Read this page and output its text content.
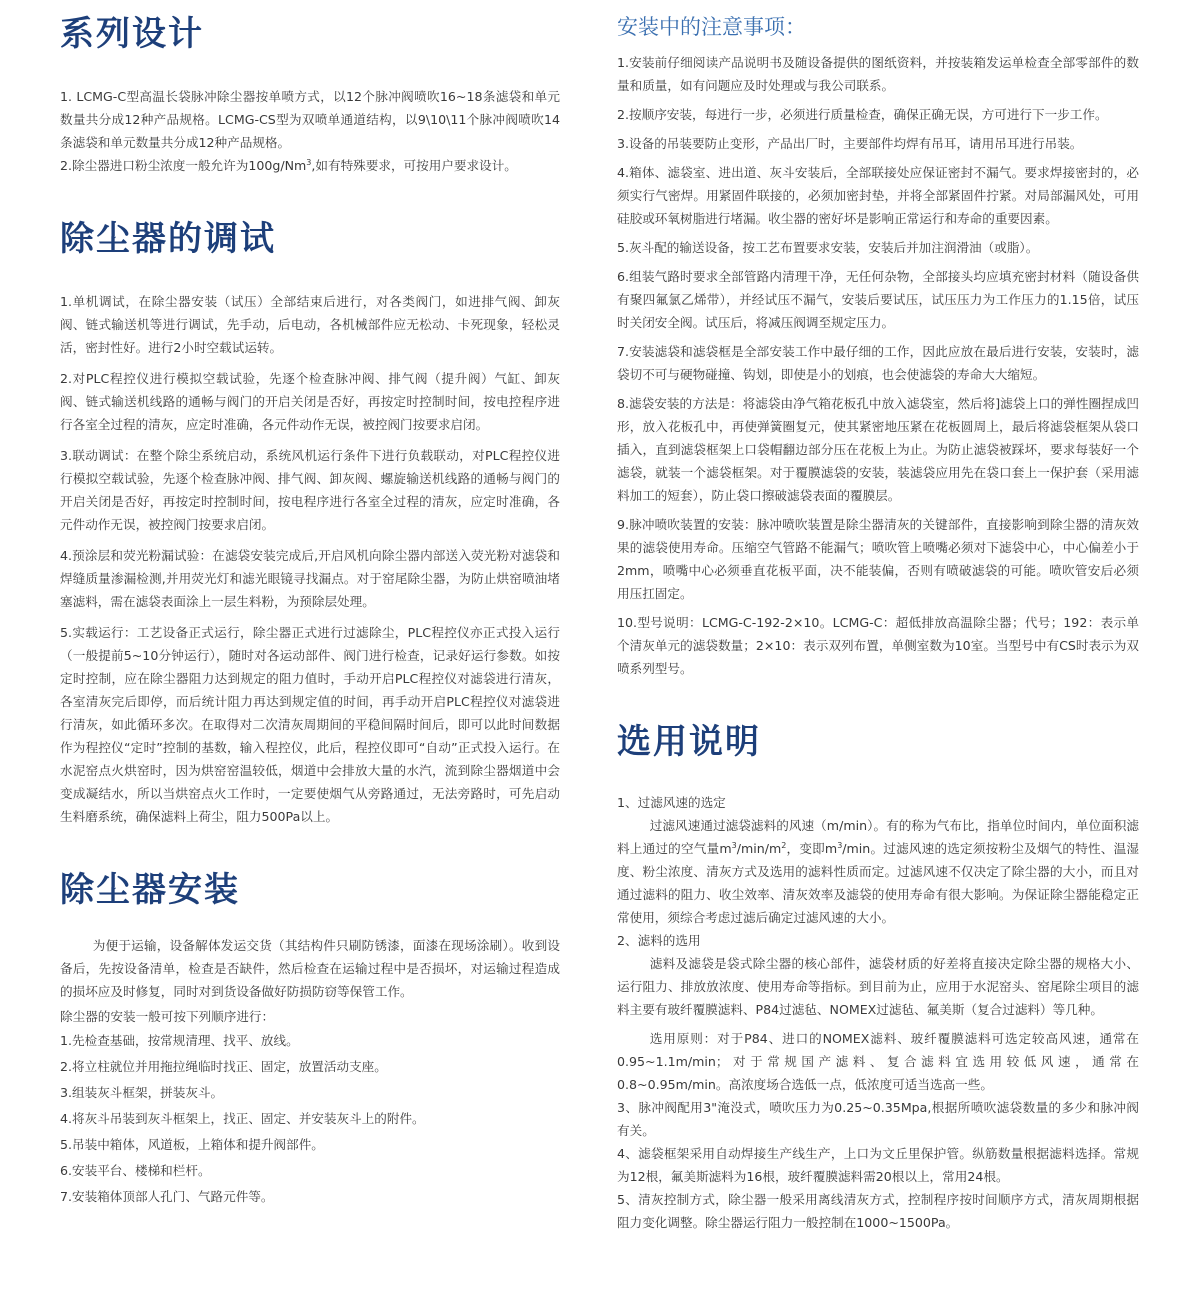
系列设计

1. LCMG-C型高温长袋脉冲除尘器按单喷方式，以12个脉冲阀喷吹16~18条滤袋和单元数量共分成12种产品规格。LCMG-CS型为双喷单通道结构，以9\10\11个脉冲阀喷吹14条滤袋和单元数量共分成12种产品规格。

2.除尘器进口粉尘浓度一般允许为100g/Nm$^3$,如有特殊要求，可按用户要求设计。

除尘器的调试

1.单机调试，在除尘器安装（试压）全部结束后进行，对各类阀门，如进排气阀、卸灰阀、链式输送机等进行调试，先手动，后电动，各机械部件应无松动、卡死现象，轻松灵活，密封性好。进行2小时空载试运转。

2.对PLC程控仪进行模拟空载试验，先逐个检查脉冲阀、排气阀（提升阀）气缸、卸灰阀、链式输送机线路的通畅与阀门的开启关闭是否好，再按定时控制时间，按电控程序进行各室全过程的清灰，应定时准确，各元件动作无误，被控阀门按要求启闭。

3.联动调试：在整个除尘系统启动，系统风机运行条件下进行负载联动，对PLC程控仪进行模拟空载试验，先逐个检查脉冲阀、排气阀、卸灰阀、螺旋输送机线路的通畅与阀门的开启关闭是否好，再按定时控制时间，按电程序进行各室全过程的清灰，应定时准确，各元件动作无误，被控阀门按要求启闭。

4.预涂层和荧光粉漏试验：在滤袋安装完成后,开启风机向除尘器内部送入荧光粉对滤袋和焊缝质量渗漏检测,并用荧光灯和滤光眼镜寻找漏点。对于窑尾除尘器，为防止烘窑喷油堵塞滤料，需在滤袋表面涂上一层生料粉，为预除层处理。

5.实载运行：工艺设备正式运行，除尘器正式进行过滤除尘，PLC程控仪亦正式投入运行（一般提前5~10分钟运行），随时对各运动部件、阀门进行检查，记录好运行参数。如按定时控制，应在除尘器阻力达到规定的阻力值时，手动开启PLC程控仪对滤袋进行清灰，各室清灰完后即停，而后统计阻力再达到规定值的时间，再手动开启PLC程控仪对滤袋进行清灰，如此循环多次。在取得对二次清灰周期间的平稳间隔时间后，即可以此时间数据作为程控仪“定时”控制的基数，输入程控仪，此后，程控仪即可“自动”正式投入运行。在水泥窑点火烘窑时，因为烘窑窑温较低，烟道中会排放大量的水汽，流到除尘器烟道中会变成凝结水，所以当烘窑点火工作时，一定要使烟气从旁路通过，无法旁路时，可先启动生料磨系统，确保滤料上荷尘，阻力500Pa以上。

除尘器安装

为便于运输，设备解体发运交货（其结构件只刷防锈漆，面漆在现场涂刷）。收到设备后，先按设备清单，检查是否缺件，然后检查在运输过程中是否损坏，对运输过程造成的损坏应及时修复，同时对到货设备做好防损防窃等保管工作。

除尘器的安装一般可按下列顺序进行：

1.先检查基础，按常规清理、找平、放线。

2.将立柱就位并用拖拉绳临时找正、固定，放置活动支座。

3.组装灰斗框架，拼装灰斗。

4.将灰斗吊装到灰斗框架上，找正、固定、并安装灰斗上的附件。

5.吊装中箱体，风道板，上箱体和提升阀部件。

6.安装平台、楼梯和栏杆。

7.安装箱体顶部人孔门、气路元件等。

安装中的注意事项：

1.安装前仔细阅读产品说明书及随设备提供的图纸资料，并按装箱发运单检查全部零部件的数量和质量，如有问题应及时处理或与我公司联系。

2.按顺序安装，每进行一步，必须进行质量检查，确保正确无误，方可进行下一步工作。

3.设备的吊装要防止变形，产品出厂时，主要部件均焊有吊耳，请用吊耳进行吊装。

4.箱体、滤袋室、进出道、灰斗安装后，全部联接处应保证密封不漏气。要求焊接密封的，必须实行气密焊。用紧固件联接的，必须加密封垫，并将全部紧固件拧紧。对局部漏风处，可用硅胶或环氧树脂进行堵漏。收尘器的密好坏是影响正常运行和寿命的重要因素。

5.灰斗配的输送设备，按工艺布置要求安装，安装后并加注润滑油（或脂）。

6.组装气路时要求全部管路内清理干净，无任何杂物，全部接头均应填充密封材料（随设备供有聚四氟氯乙烯带），并经试压不漏气，安装后要试压，试压压力为工作压力的1.15倍，试压时关闭安全阀。试压后，将减压阀调至规定压力。

7.安装滤袋和滤袋框是全部安装工作中最仔细的工作，因此应放在最后进行安装，安装时，滤袋切不可与硬物碰撞、钩划，即使是小的划痕，也会使滤袋的寿命大大缩短。

8.滤袋安装的方法是：将滤袋由净气箱花板孔中放入滤袋室，然后将]滤袋上口的弹性圈捏成凹形，放入花板孔中，再使弹簧圈复元，使其紧密地压紧在花板圆周上，最后将滤袋框架从袋口插入，直到滤袋框架上口袋帽翻边部分压在花板上为止。为防止滤袋被踩坏，要求每装好一个滤袋，就装一个滤袋框架。对于覆膜滤袋的安装，装滤袋应用先在袋口套上一保护套（采用滤料加工的短套），防止袋口擦破滤袋表面的覆膜层。

9.脉冲喷吹装置的安装：脉冲喷吹装置是除尘器清灰的关键部件，直接影响到除尘器的清灰效果的滤袋使用寿命。压缩空气管路不能漏气；喷吹管上喷嘴必须对下滤袋中心，中心偏差小于2mm，喷嘴中心必须垂直花板平面，决不能装偏，否则有喷破滤袋的可能。喷吹管安后必须用压扛固定。

10.型号说明：LCMG-C-192-2×10。LCMG-C：超低排放高温除尘器；代号；192：表示单个清灰单元的滤袋数量；2×10：表示双列布置，单侧室数为10室。当型号中有CS时表示为双喷系列型号。

选用说明

1、过滤风速的选定

过滤风速通过滤袋滤料的风速（m/min）。有的称为气布比，指单位时间内，单位面积滤料上通过的空气量$m^3/\min/m^2$，变即$m^3/\min$。过滤风速的选定须按粉尘及烟气的特性、温湿度、粉尘浓度、清灰方式及选用的滤料性质而定。过滤风速不仅决定了除尘器的大小，而且对通过滤料的阻力、收尘效率、清灰效率及滤袋的使用寿命有很大影响。为保证除尘器能稳定正常使用，须综合考虑过滤后确定过滤风速的大小。

2、滤料的选用

滤料及滤袋是袋式除尘器的核心部件，滤袋材质的好差将直接决定除尘器的规格大小、运行阻力、排放放浓度、使用寿命等指标。到目前为止，应用于水泥窑头、窑尾除尘项目的滤料主要有玻纤覆膜滤料、P84过滤毡、NOMEX过滤毡、氟美斯（复合过滤料）等几种。

选用原则：对于P84、进口的NOMEX滤料、玻纤覆膜滤料可选定较高风速，通常在0.95~1.1m/min；对于常规国产滤料、复合滤料宜选用较低风速，通常在0.8~0.95m/min。高浓度场合选低一点，低浓度可适当选高一些。

3、脉冲阀配用3"淹没式，喷吹压力为0.25~0.35Mpa,根据所喷吹滤袋数量的多少和脉冲阀有关。

4、滤袋框架采用自动焊接生产线生产，上口为文丘里保护管。纵筋数量根据滤料选择。常规为12根，氟美斯滤料为16根，玻纤覆膜滤料需20根以上，常用24根。

5、清灰控制方式，除尘器一般采用离线清灰方式，控制程序按时间顺序方式，清灰周期根据阻力变化调整。除尘器运行阻力一般控制在1000~1500Pa。
